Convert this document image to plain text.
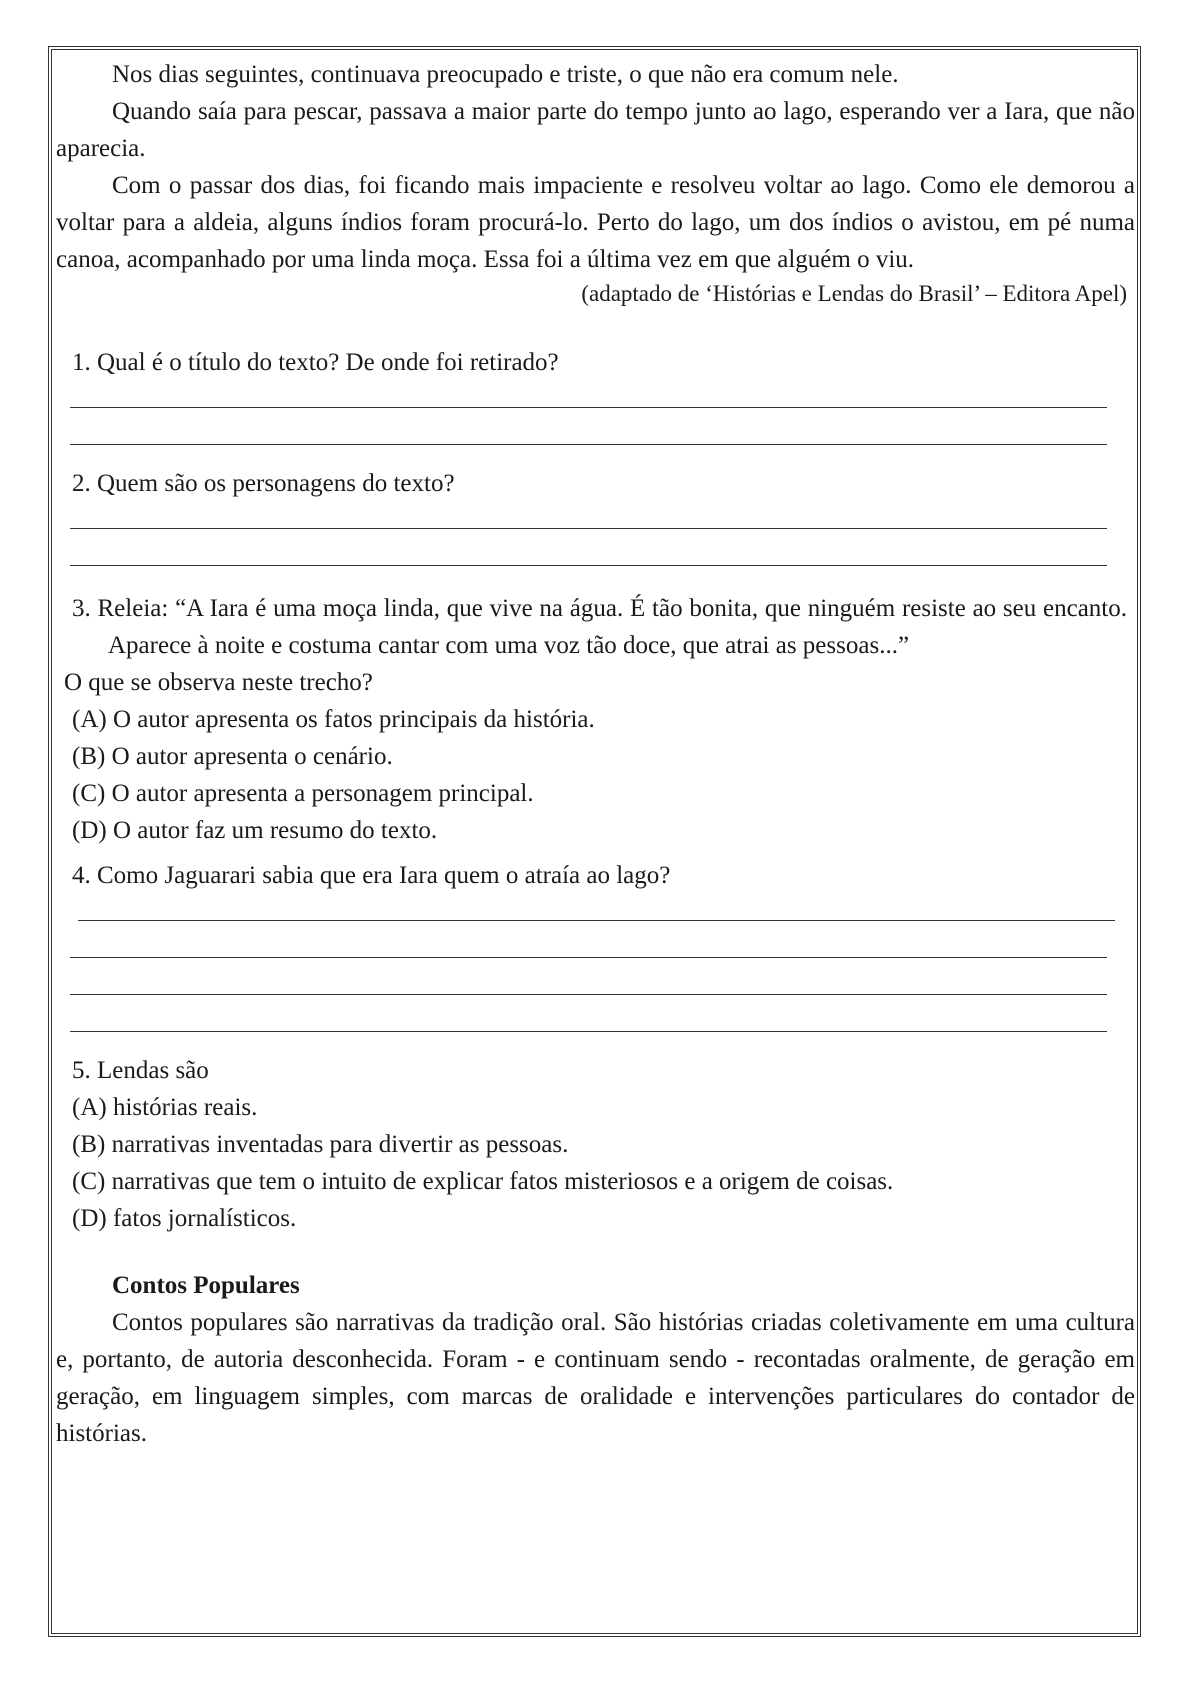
Nos dias seguintes, continuava preocupado e triste, o que não era comum nele.

Quando saía para pescar, passava a maior parte do tempo junto ao lago, esperando ver a Iara, que não aparecia.

Com o passar dos dias, foi ficando mais impaciente e resolveu voltar ao lago. Como ele demorou a voltar para a aldeia, alguns índios foram procurá-lo. Perto do lago, um dos índios o avistou, em pé numa canoa, acompanhado por uma linda moça. Essa foi a última vez em que alguém o viu.

(adaptado de ‘Histórias e Lendas do Brasil’ – Editora Apel)

1. Qual é o título do texto? De onde foi retirado?

2. Quem são os personagens do texto?

3. Releia: “A Iara é uma moça linda, que vive na água. É tão bonita, que ninguém resiste ao seu encanto. Aparece à noite e costuma cantar com uma voz tão doce, que atrai as pessoas...”

O que se observa neste trecho?

(A) O autor apresenta os fatos principais da história.

(B) O autor apresenta o cenário.

(C) O autor apresenta a personagem principal.

(D) O autor faz um resumo do texto.

4. Como Jaguarari sabia que era Iara quem o atraía ao lago?

5. Lendas são

(A) histórias reais.

(B) narrativas inventadas para divertir as pessoas.

(C) narrativas que tem o intuito de explicar fatos misteriosos e a origem de coisas.

(D) fatos jornalísticos.

Contos Populares

Contos populares são narrativas da tradição oral. São histórias criadas coletivamente em uma cultura e, portanto, de autoria desconhecida. Foram - e continuam sendo - recontadas oralmente, de geração em geração, em linguagem simples, com marcas de oralidade e intervenções particulares do contador de histórias.
